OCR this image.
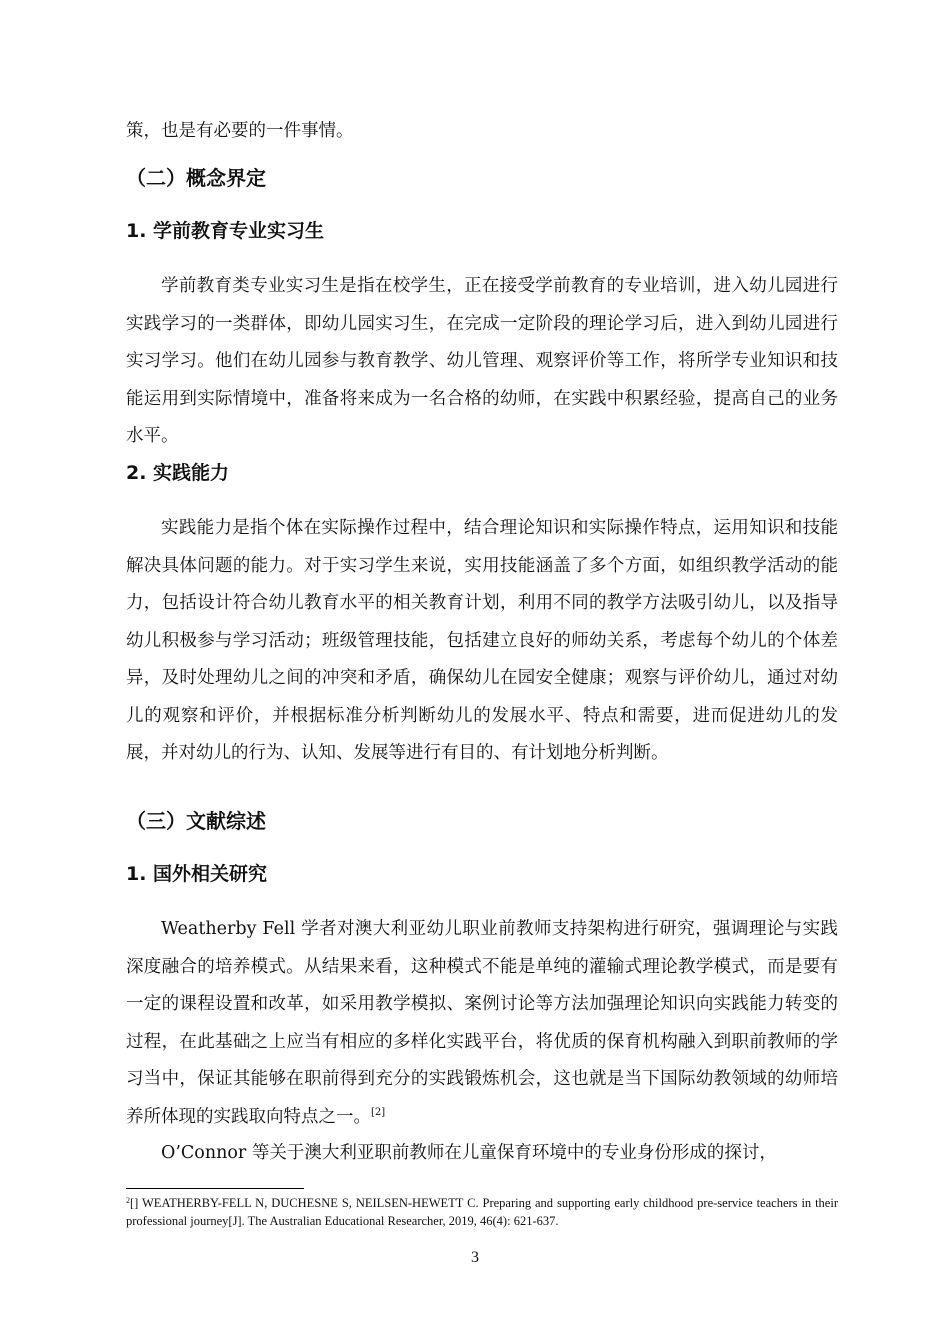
策，也是有必要的一件事情。

（二）概念界定
1. 学前教育专业实习生

学前教育类专业实习生是指在校学生，正在接受学前教育的专业培训，进入幼儿园进行实践学习的一类群体，即幼儿园实习生，在完成一定阶段的理论学习后，进入到幼儿园进行实习学习。他们在幼儿园参与教育教学、幼儿管理、观察评价等工作，将所学专业知识和技能运用到实际情境中，准备将来成为一名合格的幼师，在实践中积累经验，提高自己的业务水平。

2. 实践能力

实践能力是指个体在实际操作过程中，结合理论知识和实际操作特点，运用知识和技能解决具体问题的能力。对于实习学生来说，实用技能涵盖了多个方面，如组织教学活动的能力，包括设计符合幼儿教育水平的相关教育计划，利用不同的教学方法吸引幼儿，以及指导幼儿积极参与学习活动；班级管理技能，包括建立良好的师幼关系，考虑每个幼儿的个体差异，及时处理幼儿之间的冲突和矛盾，确保幼儿在园安全健康；观察与评价幼儿，通过对幼儿的观察和评价，并根据标准分析判断幼儿的发展水平、特点和需要，进而促进幼儿的发展，并对幼儿的行为、认知、发展等进行有目的、有计划地分析判断。

（三）文献综述
1. 国外相关研究

Weatherby Fell 学者对澳大利亚幼儿职业前教师支持架构进行研究，强调理论与实践深度融合的培养模式。从结果来看，这种模式不能是单纯的灌输式理论教学模式，而是要有一定的课程设置和改革，如采用教学模拟、案例讨论等方法加强理论知识向实践能力转变的过程，在此基础之上应当有相应的多样化实践平台，将优质的保育机构融入到职前教师的学习当中，保证其能够在职前得到充分的实践锻炼机会，这也就是当下国际幼教领域的幼师培养所体现的实践取向特点之一。[2]

O’Connor 等关于澳大利亚职前教师在儿童保育环境中的专业身份形成的探讨，

$^2$[] WEATHERBY-FELL N, DUCHESNE S, NEILSEN-HEWETT C. Preparing and supporting early childhood pre-service teachers in their professional journey[J]. The Australian Educational Researcher, 2019, 46(4): 621-637.

3
